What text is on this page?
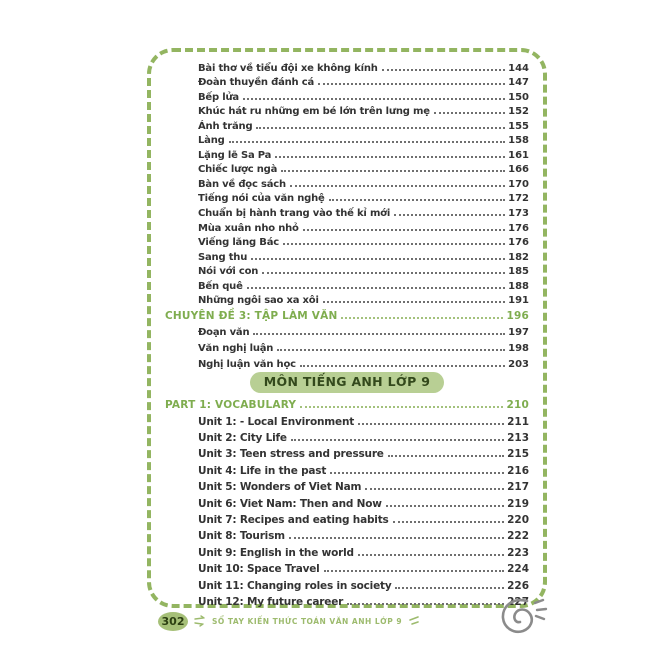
Bài thơ về tiểu đội xe không kính	144
Đoàn thuyền đánh cá	147
Bếp lửa	150
Khúc hát ru những em bé lớn trên lưng mẹ	152
Ánh trăng	155
Làng	158
Lặng lẽ Sa Pa	161
Chiếc lược ngà	166
Bàn về đọc sách	170
Tiếng nói của văn nghệ	172
Chuẩn bị hành trang vào thế kỉ mới	173
Mùa xuân nho nhỏ	176
Viếng lăng Bác	176
Sang thu	182
Nói với con	185
Bến quê	188
Những ngôi sao xa xôi	191
CHUYÊN ĐỀ 3: TẬP LÀM VĂN	196
Đoạn văn	197
Văn nghị luận	198
Nghị luận văn học	203
MÔN TIẾNG ANH LỚP 9
PART 1: VOCABULARY	210
Unit 1: - Local Environment	211
Unit 2: City Life	213
Unit 3: Teen stress and pressure	215
Unit 4: Life in the past	216
Unit 5: Wonders of Viet Nam	217
Unit 6: Viet Nam: Then and Now	219
Unit 7: Recipes and eating habits	220
Unit 8: Tourism	222
Unit 9: English in the world	223
Unit 10: Space Travel	224
Unit 11: Changing roles in society	226
Unit 12: My future career	227
302	SỔ TAY KIẾN THỨC TOÁN VĂN ANH LỚP 9
